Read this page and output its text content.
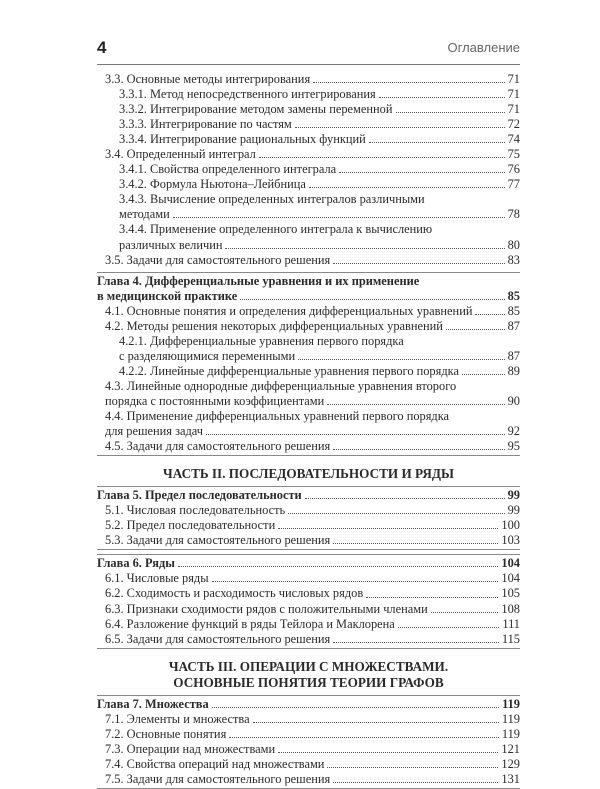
4	Оглавление
3.3. Основные методы интегрирования	71
3.3.1. Метод непосредственного интегрирования	71
3.3.2. Интегрирование методом замены переменной	71
3.3.3. Интегрирование по частям	72
3.3.4. Интегрирование рациональных функций	74
3.4. Определенный интеграл	75
3.4.1. Свойства определенного интеграла	76
3.4.2. Формула Ньютона–Лейбница	77
3.4.3. Вычисление определенных интегралов различными
методами	78
3.4.4. Применение определенного интеграла к вычислению
различных величин	80
3.5. Задачи для самостоятельного решения	83
Глава 4. Дифференциальные уравнения и их применение
в медицинской практике	85
4.1. Основные понятия и определения дифференциальных уравнений	85
4.2. Методы решения некоторых дифференциальных уравнений	87
4.2.1. Дифференциальные уравнения первого порядка
с разделяющимися переменными	87
4.2.2. Линейные дифференциальные уравнения первого порядка	89
4.3. Линейные однородные дифференциальные уравнения второго
порядка с постоянными коэффициентами	90
4.4. Применение дифференциальных уравнений первого порядка
для решения задач	92
4.5. Задачи для самостоятельного решения	95
ЧАСТЬ II. ПОСЛЕДОВАТЕЛЬНОСТИ И РЯДЫ
Глава 5. Предел последовательности	99
5.1. Числовая последовательность	99
5.2. Предел последовательности	100
5.3. Задачи для самостоятельного решения	103
Глава 6. Ряды	104
6.1. Числовые ряды	104
6.2. Сходимость и расходимость числовых рядов	105
6.3. Признаки сходимости рядов с положительными членами	108
6.4. Разложение функций в ряды Тейлора и Маклорена	111
6.5. Задачи для самостоятельного решения	115
ЧАСТЬ III. ОПЕРАЦИИ С МНОЖЕСТВАМИ.
ОСНОВНЫЕ ПОНЯТИЯ ТЕОРИИ ГРАФОВ
Глава 7. Множества	119
7.1. Элементы и множества	119
7.2. Основные понятия	119
7.3. Операции над множествами	121
7.4. Свойства операций над множествами	129
7.5. Задачи для самостоятельного решения	131
